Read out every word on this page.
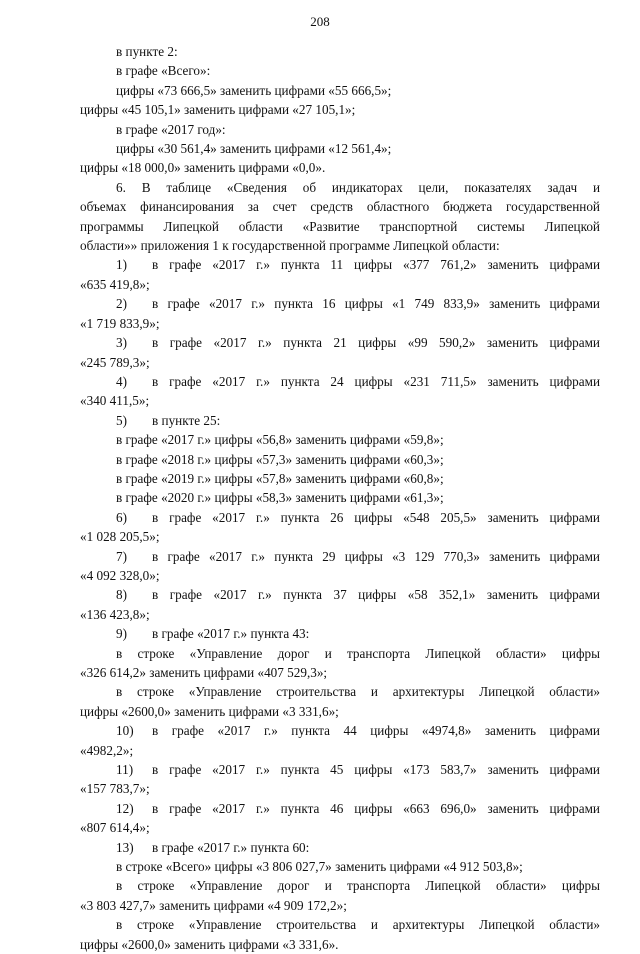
208
в пункте 2:
в графе «Всего»:
цифры «73 666,5» заменить цифрами «55 666,5»;
цифры «45 105,1» заменить цифрами «27 105,1»;
в графе «2017 год»:
цифры «30 561,4» заменить цифрами «12 561,4»;
цифры «18 000,0» заменить цифрами «0,0».
6. В таблице «Сведения об индикаторах цели, показателях задач и
объемах финансирования за счет средств областного бюджета государственной
программы Липецкой области «Развитие транспортной системы Липецкой
области»» приложения 1 к государственной программе Липецкой области:
1) в графе «2017 г.» пункта 11 цифры «377 761,2» заменить цифрами
«635 419,8»;
2) в графе «2017 г.» пункта 16 цифры «1 749 833,9» заменить цифрами
«1 719 833,9»;
3) в графе «2017 г.» пункта 21 цифры «99 590,2» заменить цифрами
«245 789,3»;
4) в графе «2017 г.» пункта 24 цифры «231 711,5» заменить цифрами
«340 411,5»;
5) в пункте 25:
в графе «2017 г.» цифры «56,8» заменить цифрами «59,8»;
в графе «2018 г.» цифры «57,3» заменить цифрами «60,3»;
в графе «2019 г.» цифры «57,8» заменить цифрами «60,8»;
в графе «2020 г.» цифры «58,3» заменить цифрами «61,3»;
6) в графе «2017 г.» пункта 26 цифры «548 205,5» заменить цифрами
«1 028 205,5»;
7) в графе «2017 г.» пункта 29 цифры «3 129 770,3» заменить цифрами
«4 092 328,0»;
8) в графе «2017 г.» пункта 37 цифры «58 352,1» заменить цифрами
«136 423,8»;
9) в графе «2017 г.» пункта 43:
в строке «Управление дорог и транспорта Липецкой области» цифры
«326 614,2» заменить цифрами «407 529,3»;
в строке «Управление строительства и архитектуры Липецкой области»
цифры «2600,0» заменить цифрами «3 331,6»;
10) в графе «2017 г.» пункта 44 цифры «4974,8» заменить цифрами
«4982,2»;
11) в графе «2017 г.» пункта 45 цифры «173 583,7» заменить цифрами
«157 783,7»;
12) в графе «2017 г.» пункта 46 цифры «663 696,0» заменить цифрами
«807 614,4»;
13) в графе «2017 г.» пункта 60:
в строке «Всего» цифры «3 806 027,7» заменить цифрами «4 912 503,8»;
в строке «Управление дорог и транспорта Липецкой области» цифры
«3 803 427,7» заменить цифрами «4 909 172,2»;
в строке «Управление строительства и архитектуры Липецкой области»
цифры «2600,0» заменить цифрами «3 331,6».
